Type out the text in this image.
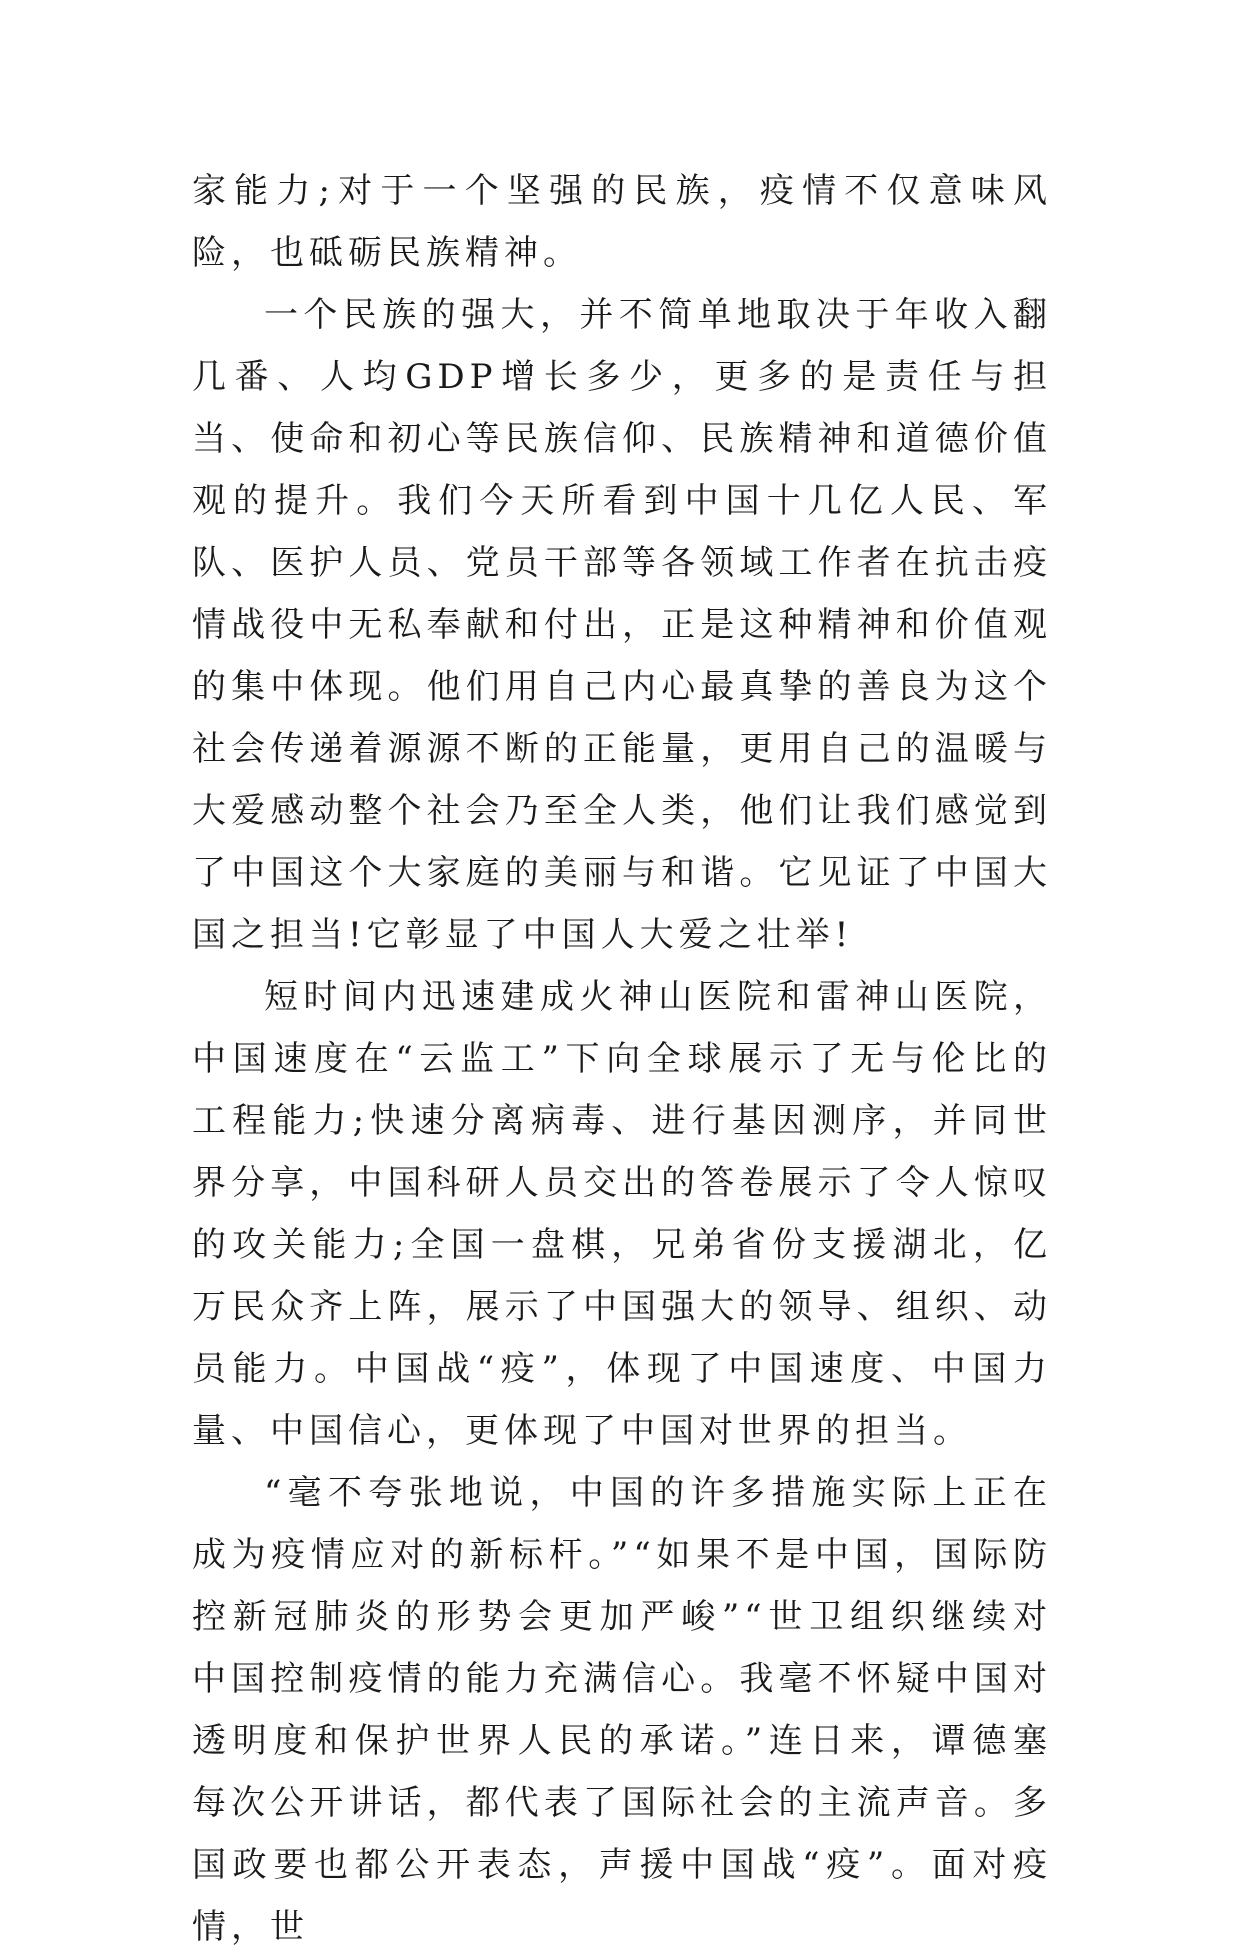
家能力;对于一个坚强的民族，疫情不仅意味风险，也砥砺民族精神。

一个民族的强大，并不简单地取决于年收入翻几番、人均GDP增长多少，更多的是责任与担当、使命和初心等民族信仰、民族精神和道德价值观的提升。我们今天所看到中国十几亿人民、军队、医护人员、党员干部等各领域工作者在抗击疫情战役中无私奉献和付出，正是这种精神和价值观的集中体现。他们用自己内心最真挚的善良为这个社会传递着源源不断的正能量，更用自己的温暖与大爱感动整个社会乃至全人类，他们让我们感觉到了中国这个大家庭的美丽与和谐。它见证了中国大国之担当!它彰显了中国人大爱之壮举!

短时间内迅速建成火神山医院和雷神山医院，中国速度在“云监工”下向全球展示了无与伦比的工程能力;快速分离病毒、进行基因测序，并同世界分享，中国科研人员交出的答卷展示了令人惊叹的攻关能力;全国一盘棋，兄弟省份支援湖北，亿万民众齐上阵，展示了中国强大的领导、组织、动员能力。中国战“疫”，体现了中国速度、中国力量、中国信心，更体现了中国对世界的担当。

“毫不夸张地说，中国的许多措施实际上正在成为疫情应对的新标杆。”“如果不是中国，国际防控新冠肺炎的形势会更加严峻”“世卫组织继续对中国控制疫情的能力充满信心。我毫不怀疑中国对透明度和保护世界人民的承诺。”连日来，谭德塞每次公开讲话，都代表了国际社会的主流声音。多国政要也都公开表态，声援中国战“疫”。面对疫情，世
